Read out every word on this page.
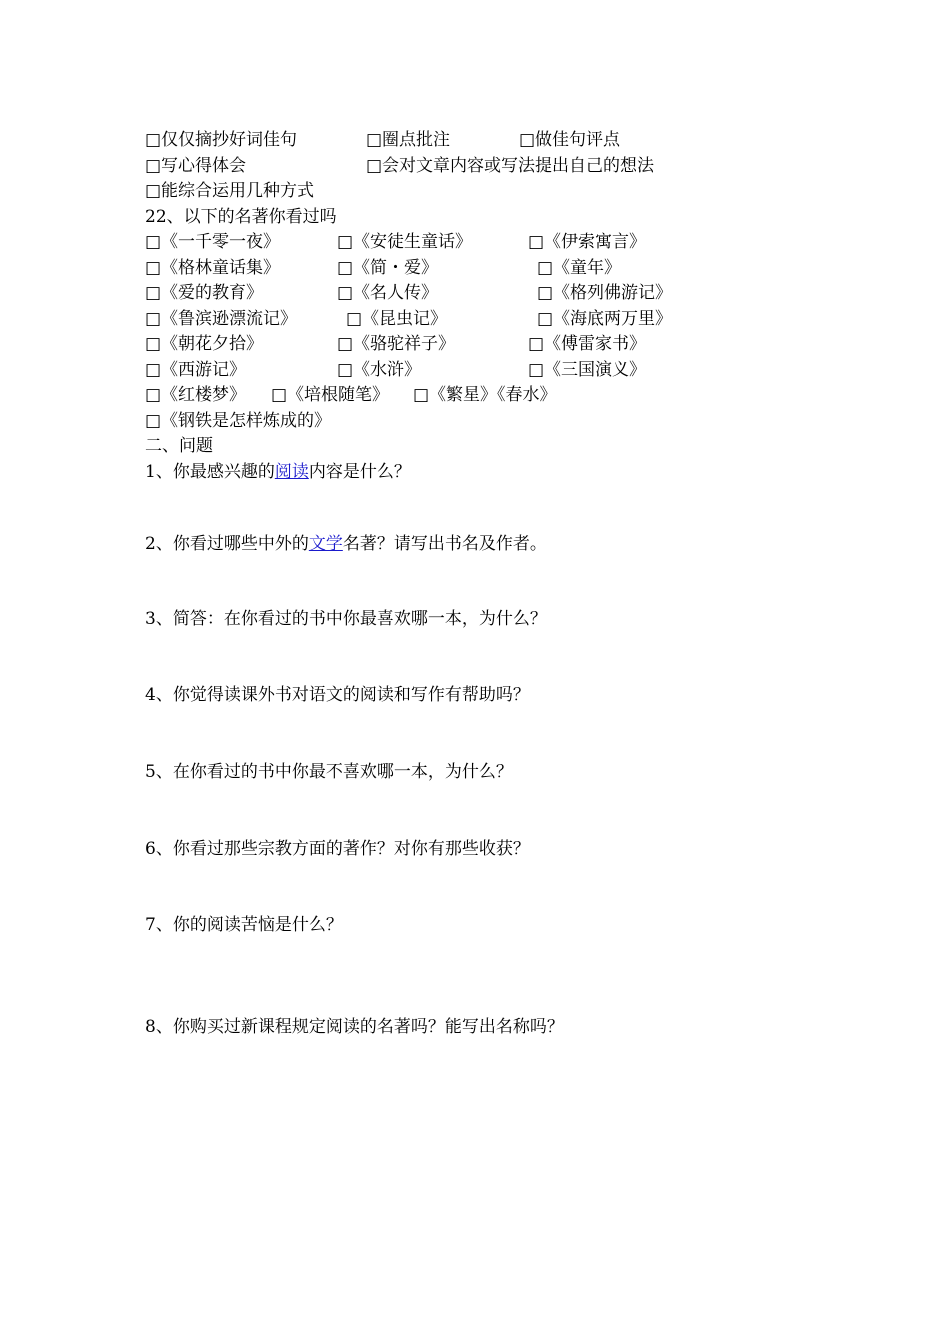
□仅仅摘抄好词佳句	□圈点批注	□做佳句评点
□写心得体会	□会对文章内容或写法提出自己的想法
□能综合运用几种方式
22、以下的名著你看过吗
□《一千零一夜》	□《安徒生童话》	□《伊索寓言》
□《格林童话集》	□《简・爱》	□《童年》
□《爱的教育》	□《名人传》	□《格列佛游记》
□《鲁滨逊漂流记》	□《昆虫记》	□《海底两万里》
□《朝花夕拾》	□《骆驼祥子》	□《傅雷家书》
□《西游记》	□《水浒》	□《三国演义》
□《红楼梦》 □《培根随笔》 □《繁星》《春水》
□《钢铁是怎样炼成的》
二、问题
1、你最感兴趣的阅读内容是什么？
2、你看过哪些中外的文学名著？请写出书名及作者。
3、简答：在你看过的书中你最喜欢哪一本，为什么？
4、你觉得读课外书对语文的阅读和写作有帮助吗？
5、在你看过的书中你最不喜欢哪一本，为什么？
6、你看过那些宗教方面的著作？对你有那些收获？
7、你的阅读苦恼是什么？
8、你购买过新课程规定阅读的名著吗？能写出名称吗？
